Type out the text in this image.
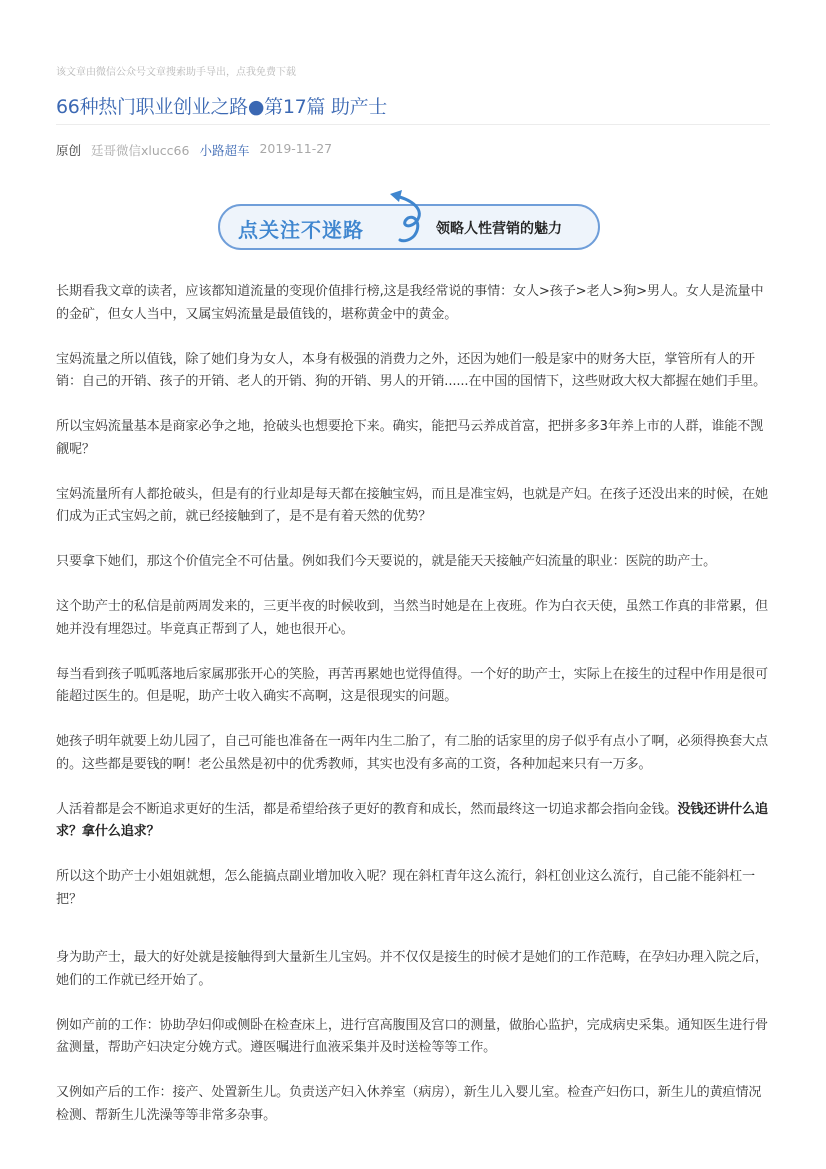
该文章由微信公众号文章搜索助手导出，点我免费下载
66种热门职业创业之路●第17篇 助产士
原创 廷哥微信xlucc66 小路超车 2019-11-27
点关注不迷路	领略人性营销的魅力

长期看我文章的读者，应该都知道流量的变现价值排行榜,这是我经常说的事情：女人>孩子>老人>狗>男人。女人是流量中的金矿，但女人当中，又属宝妈流量是最值钱的，堪称黄金中的黄金。

宝妈流量之所以值钱，除了她们身为女人，本身有极强的消费力之外，还因为她们一般是家中的财务大臣，掌管所有人的开销：自己的开销、孩子的开销、老人的开销、狗的开销、男人的开销......在中国的国情下，这些财政大权大都握在她们手里。

所以宝妈流量基本是商家必争之地，抢破头也想要抢下来。确实，能把马云养成首富，把拼多多3年养上市的人群，谁能不觊觎呢？

宝妈流量所有人都抢破头，但是有的行业却是每天都在接触宝妈，而且是准宝妈，也就是产妇。在孩子还没出来的时候，在她们成为正式宝妈之前，就已经接触到了，是不是有着天然的优势？

只要拿下她们，那这个价值完全不可估量。例如我们今天要说的，就是能天天接触产妇流量的职业：医院的助产士。

这个助产士的私信是前两周发来的，三更半夜的时候收到，当然当时她是在上夜班。作为白衣天使，虽然工作真的非常累，但她并没有埋怨过。毕竟真正帮到了人，她也很开心。

每当看到孩子呱呱落地后家属那张开心的笑脸，再苦再累她也觉得值得。一个好的助产士，实际上在接生的过程中作用是很可能超过医生的。但是呢，助产士收入确实不高啊，这是很现实的问题。

她孩子明年就要上幼儿园了，自己可能也准备在一两年内生二胎了，有二胎的话家里的房子似乎有点小了啊，必须得换套大点的。这些都是要钱的啊！老公虽然是初中的优秀教师，其实也没有多高的工资，各种加起来只有一万多。

人活着都是会不断追求更好的生活，都是希望给孩子更好的教育和成长，然而最终这一切追求都会指向金钱。没钱还讲什么追求？拿什么追求？

所以这个助产士小姐姐就想，怎么能搞点副业增加收入呢？现在斜杠青年这么流行，斜杠创业这么流行，自己能不能斜杠一把？

身为助产士，最大的好处就是接触得到大量新生儿宝妈。并不仅仅是接生的时候才是她们的工作范畴，在孕妇办理入院之后，她们的工作就已经开始了。

例如产前的工作：协助孕妇仰或侧卧在检查床上，进行宫高腹围及宫口的测量，做胎心监护，完成病史采集。通知医生进行骨盆测量，帮助产妇决定分娩方式。遵医嘱进行血液采集并及时送检等等工作。

又例如产后的工作：接产、处置新生儿。负责送产妇入休养室（病房），新生儿入婴儿室。检查产妇伤口，新生儿的黄疸情况检测、帮新生儿洗澡等等非常多杂事。
